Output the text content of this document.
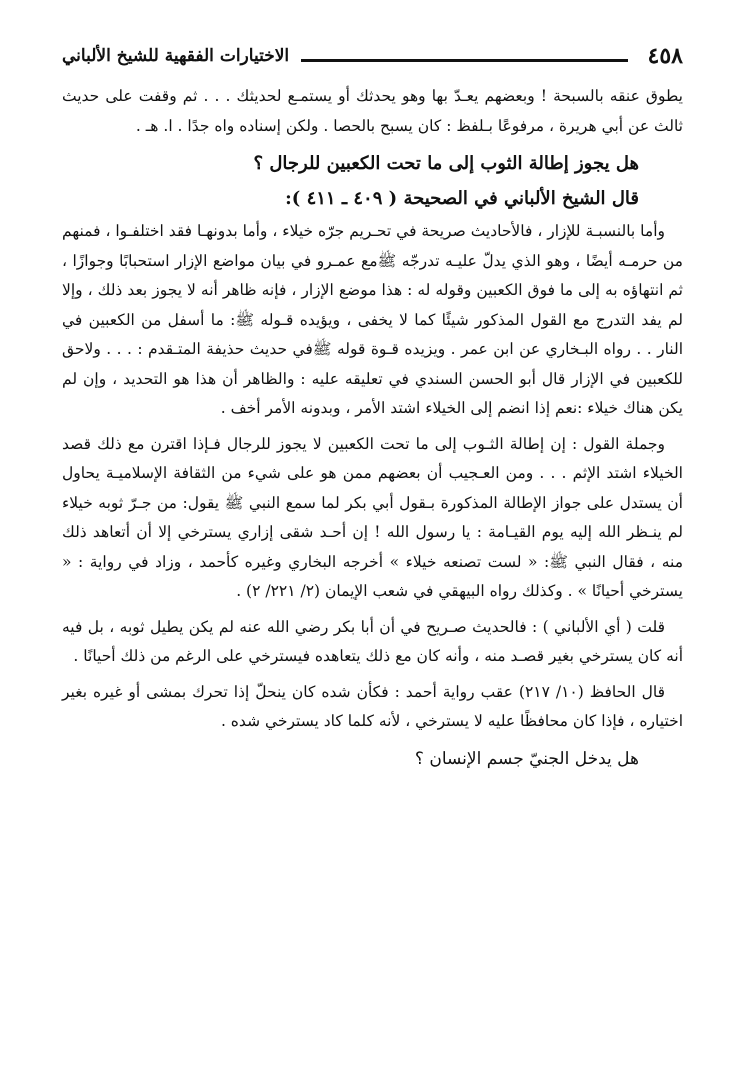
٤٥٨
الاختيارات الفقهية للشيخ الألباني

يطوق عنقه بالسبحة ! وبعضهم يعـدّ بها وهو يحدثك أو يستمـع لحديثك . . . ثم وقفت على حديث ثالث عن أبي هريرة ، مرفوعًا بـلفظ : كان يسبح بالحصا . ولكن إسناده واه جدًا . ا. هـ .

هل يجوز إطالة الثوب إلى ما تحت الكعبين للرجال ؟
قال الشيخ الألباني في الصحيحة ( ٤٠٩ ـ ٤١١ ):

وأما بالنسبـة للإزار ، فالأحاديث صريحة في تحـريم جرّه خيلاء ، وأما بدونهـا فقد اختلفـوا ، فمنهم من حرمـه أيضًا ، وهو الذي يدلّ عليـه تدرجّه ﷺمع عمـرو في بيان مواضع الإزار استحبابًا وجوازًا ، ثم انتهاؤه به إلى ما فوق الكعبين وقوله له : هذا موضع الإزار ، فإنه ظاهر أنه لا يجوز بعد ذلك ، وإلا لم يفد التدرج مع القول المذكور شيئًا كما لا يخفى ، ويؤيده قـوله ﷺ: ما أسفل من الكعبين في النار . . رواه البـخاري عن ابن عمر . ويزيده قـوة قوله ﷺفي حديث حذيفة المتـقدم : . . . ولاحق للكعبين في الإزار قال أبو الحسن السندي في تعليقه عليه : والظاهر أن هذا هو التحديد ، وإن لم يكن هناك خيلاء :نعم إذا انضم إلى الخيلاء اشتد الأمر ، وبدونه الأمر أخف .

وجملة القول : إن إطالة الثـوب إلى ما تحت الكعبين لا يجوز للرجال فـإذا اقترن مع ذلك قصد الخيلاء اشتد الإثم . . . ومن العـجيب أن بعضهم ممن هو على شيء من الثقافة الإسلاميـة يحاول أن يستدل على جواز الإطالة المذكورة بـقول أبي بكر لما سمع النبي ﷺ يقول: من جـرّ ثوبه خيلاء لم ينـظر الله إليه يوم القيـامة : يا رسول الله ! إن أحـد شقى إزاري يسترخي إلا أن أتعاهد ذلك منه ، فقال النبي ﷺ: « لست تصنعه خيلاء » أخرجه البخاري وغيره كأحمد ، وزاد في رواية : « يسترخي أحيانًا » . وكذلك رواه البيهقي في شعب الإيمان (٢/ ٢٢١/ ٢) .

قلت ( أي الألباني ) : فالحديث صـريح في أن أبا بكر رضي الله عنه لم يكن يطيل ثوبه ، بل فيه أنه كان يسترخي بغير قصـد منه ، وأنه كان مع ذلك يتعاهده فيسترخي على الرغم من ذلك أحيانًا .

قال الحافظ (١٠/ ٢١٧) عقب رواية أحمد : فكأن شده كان ينحلّ إذا تحرك بمشى أو غيره بغير اختياره ، فإذا كان محافظًا عليه لا يسترخي ، لأنه كلما كاد يسترخي شده .

هل يدخل الجنيّ جسم الإنسان ؟
